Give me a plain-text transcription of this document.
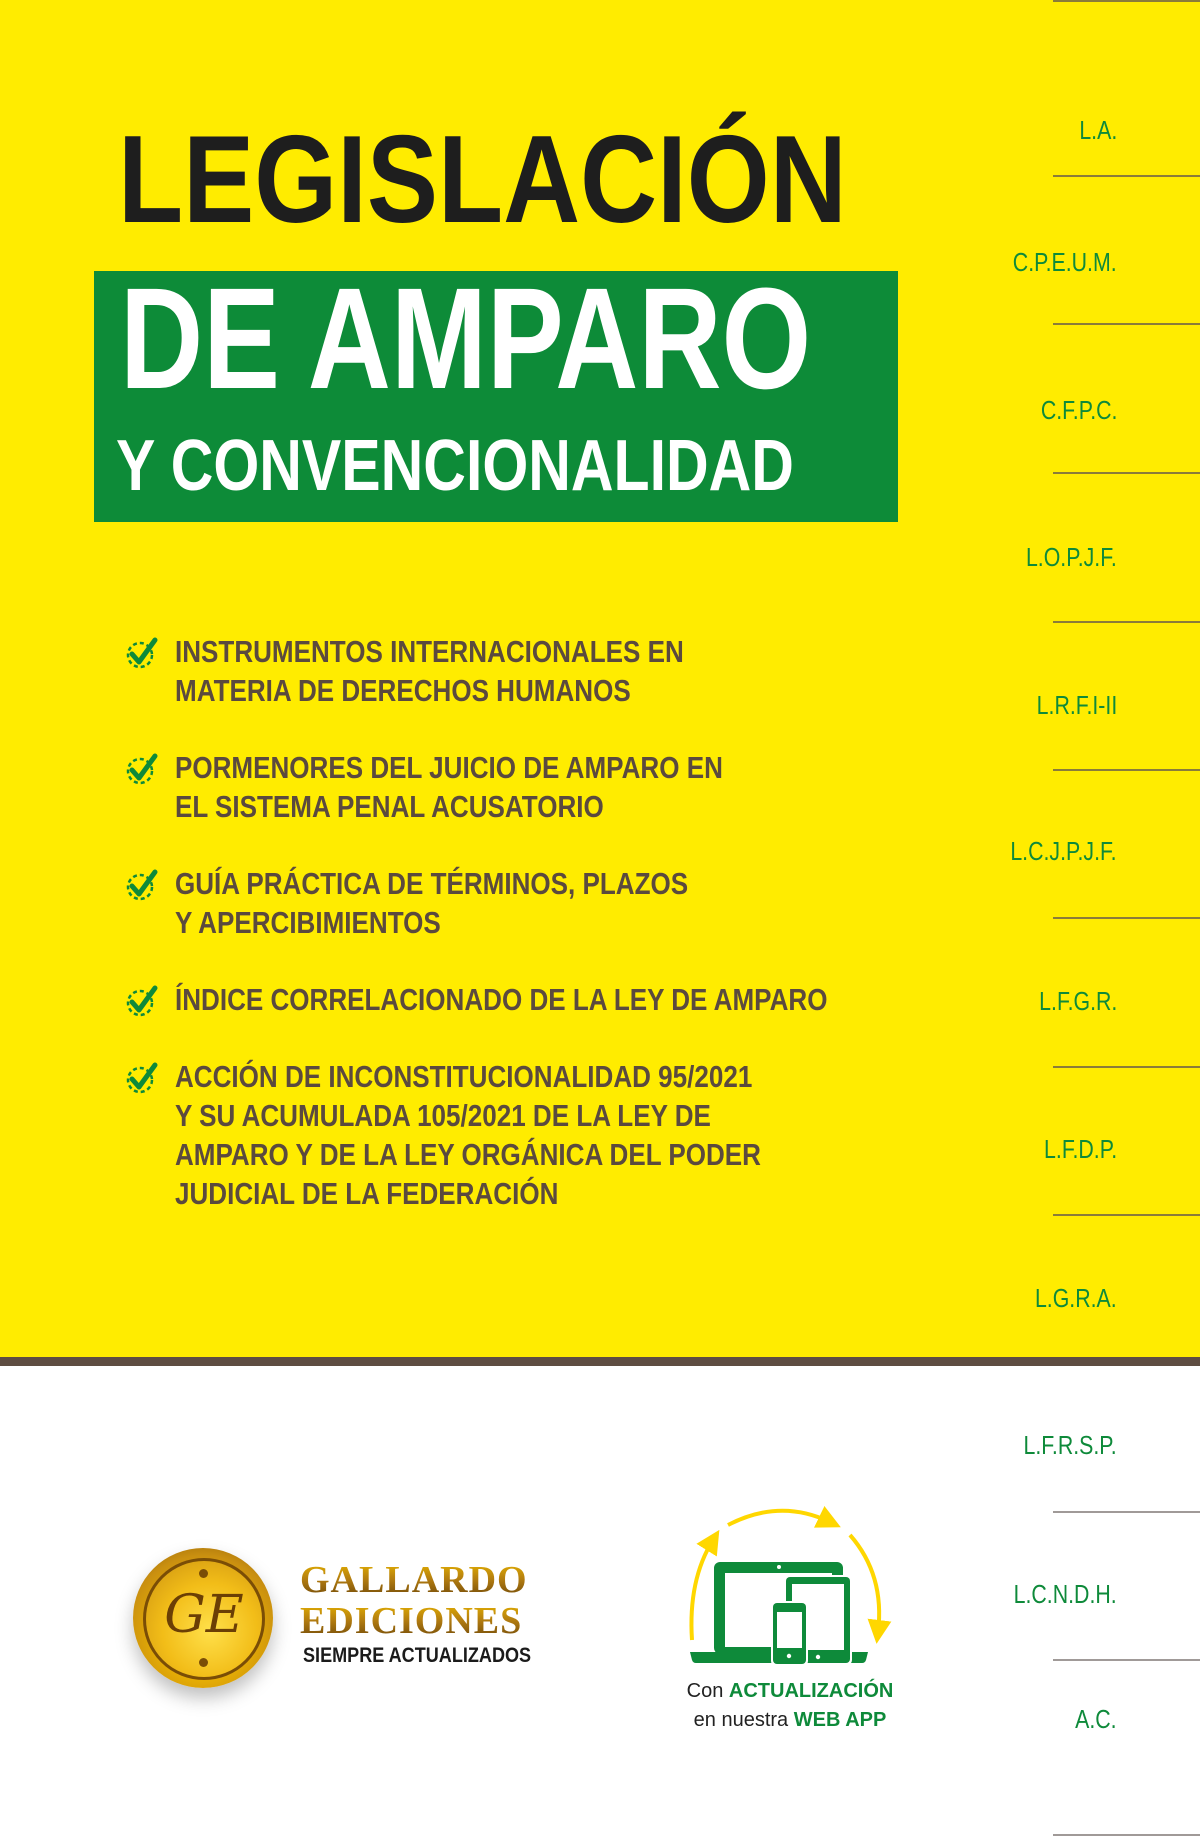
LEGISLACIÓN
DE AMPARO
Y CONVENCIONALIDAD
INSTRUMENTOS INTERNACIONALES EN
MATERIA DE DERECHOS HUMANOS
PORMENORES DEL JUICIO DE AMPARO EN
EL SISTEMA PENAL ACUSATORIO
GUÍA PRÁCTICA DE TÉRMINOS, PLAZOS
Y APERCIBIMIENTOS
ÍNDICE CORRELACIONADO DE LA LEY DE AMPARO
ACCIÓN DE INCONSTITUCIONALIDAD 95/2021
Y SU ACUMULADA 105/2021 DE LA LEY DE
AMPARO Y DE LA LEY ORGÁNICA DEL PODER
JUDICIAL DE LA FEDERACIÓN
L.A.
C.P.E.U.M.
C.F.P.C.
L.O.P.J.F.
L.R.F.I-II
L.C.J.P.J.F.
L.F.G.R.
L.F.D.P.
L.G.R.A.
L.F.R.S.P.
L.C.N.D.H.
A.C.
GE
GALLARDO
EDICIONES
SIEMPRE ACTUALIZADOS
Con ACTUALIZACIÓN
en nuestra WEB APP
